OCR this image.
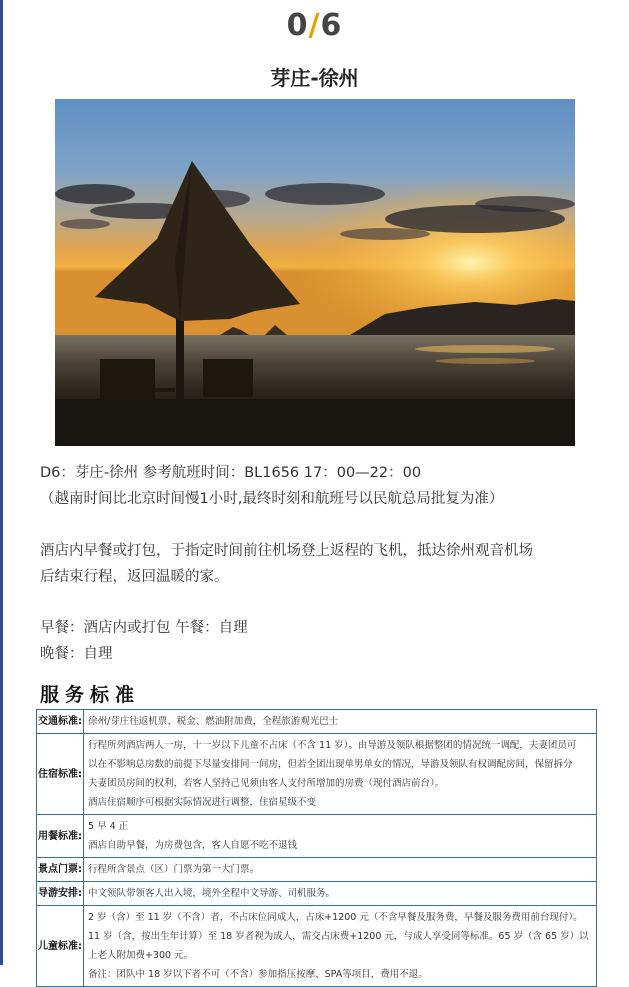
0/6
芽庄-徐州
D6：芽庄-徐州 参考航班时间：BL1656 17：00—22：00
（越南时间比北京时间慢1小时,最终时刻和航班号以民航总局批复为准）
酒店内早餐或打包，于指定时间前往机场登上返程的飞机，抵达徐州观音机场
后结束行程，返回温暖的家。
早餐：酒店内或打包 午餐：自理
晚餐：自理
服务标准
交通标准:	徐州/芽庄往返机票、税金、燃油附加费，全程旅游观光巴士

住宿标准:	行程所列酒店两人一房，十一岁以下儿童不占床（不含 11 岁）。由导游及领队根据整团的情况统一调配，夫妻团员可
以在不影响总房数的前提下尽量安排同一间房，但若全团出现单男单女的情况，导游及领队有权调配房间，保留拆分
夫妻团员房间的权利，若客人坚持己见须由客人支付所增加的房费（现付酒店前台）。
酒店住宿顺序可根据实际情况进行调整，住宿星级不变

用餐标准:	5 早 4 正
酒店自助早餐，为房费包含，客人自愿不吃不退钱

景点门票:	行程所含景点（区）门票为第一大门票。

导游安排:	中文领队带领客人出入境，境外全程中文导游、司机服务。

儿童标准:	2 岁（含）至 11 岁（不含）者，不占床位同成人，占床+1200 元（不含早餐及服务费，早餐及服务费用前台现付）。
11 岁（含，按出生年计算）至 18 岁者视为成人，需交占床费+1200 元，与成人享受同等标准。65 岁（含 65 岁）以
上老人附加费+300 元。
备注：团队中 18 岁以下者不可（不含）参加指压按摩、SPA等项目，费用不退。
